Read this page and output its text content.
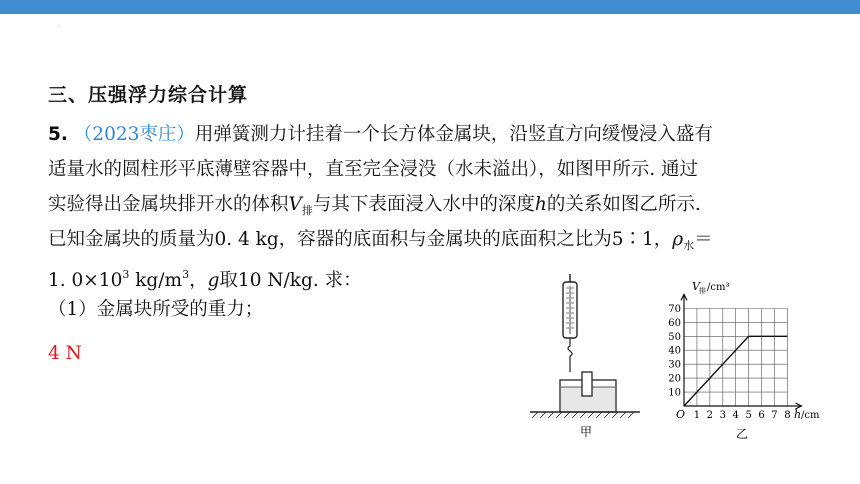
·
三、压强浮力综合计算
5. （2023枣庄）用弹簧测力计挂着一个长方体金属块，沿竖直方向缓慢浸入盛有
适量水的圆柱形平底薄壁容器中，直至完全浸没（水未溢出），如图甲所示. 通过
实验得出金属块排开水的体积$V_排$与其下表面浸入水中的深度h的关系如图乙所示.
已知金属块的质量为0. 4 kg，容器的底面积与金属块的底面积之比为5∶1，$\rho_水=$
1. $0\times 10^3$ $kg/m^3$，g取10 N/kg. 求：
（1）金属块所受的重力；
4 N
甲
1 2 3 4 5 6 7 8
10
20
30
40
50
60
70
V 排 /cm³
h /cm
O
乙
